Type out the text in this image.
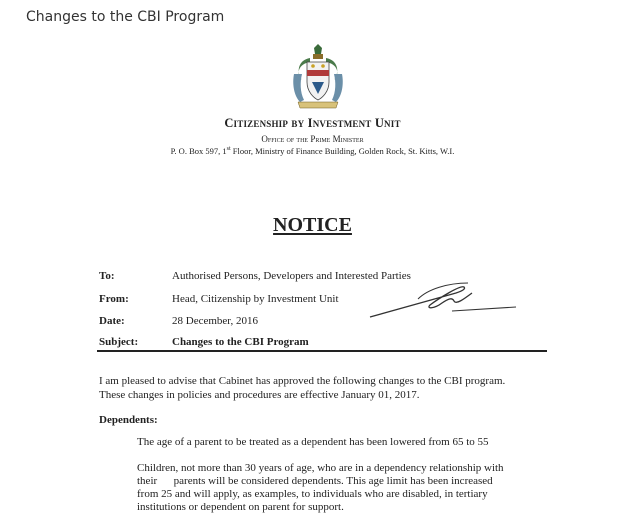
Changes to the CBI Program
Citizenship by Investment Unit
Office of the Prime Minister
P. O. Box 597, 1st Floor, Ministry of Finance Building, Golden Rock, St. Kitts, W.I.
NOTICE
To:	Authorised Persons, Developers and Interested Parties
From:	Head, Citizenship by Investment Unit
Date:	28 December, 2016
Subject:	Changes to the CBI Program
I am pleased to advise that Cabinet has approved the following changes to the CBI program.
These changes in policies and procedures are effective January 01, 2017.
Dependents:
The age of a parent to be treated as a dependent has been lowered from 65 to 55
Children, not more than 30 years of age, who are in a dependency relationship with
their      parents will be considered dependents. This age limit has been increased
from 25 and will apply, as examples, to individuals who are disabled, in tertiary
institutions or dependent on parent for support.
